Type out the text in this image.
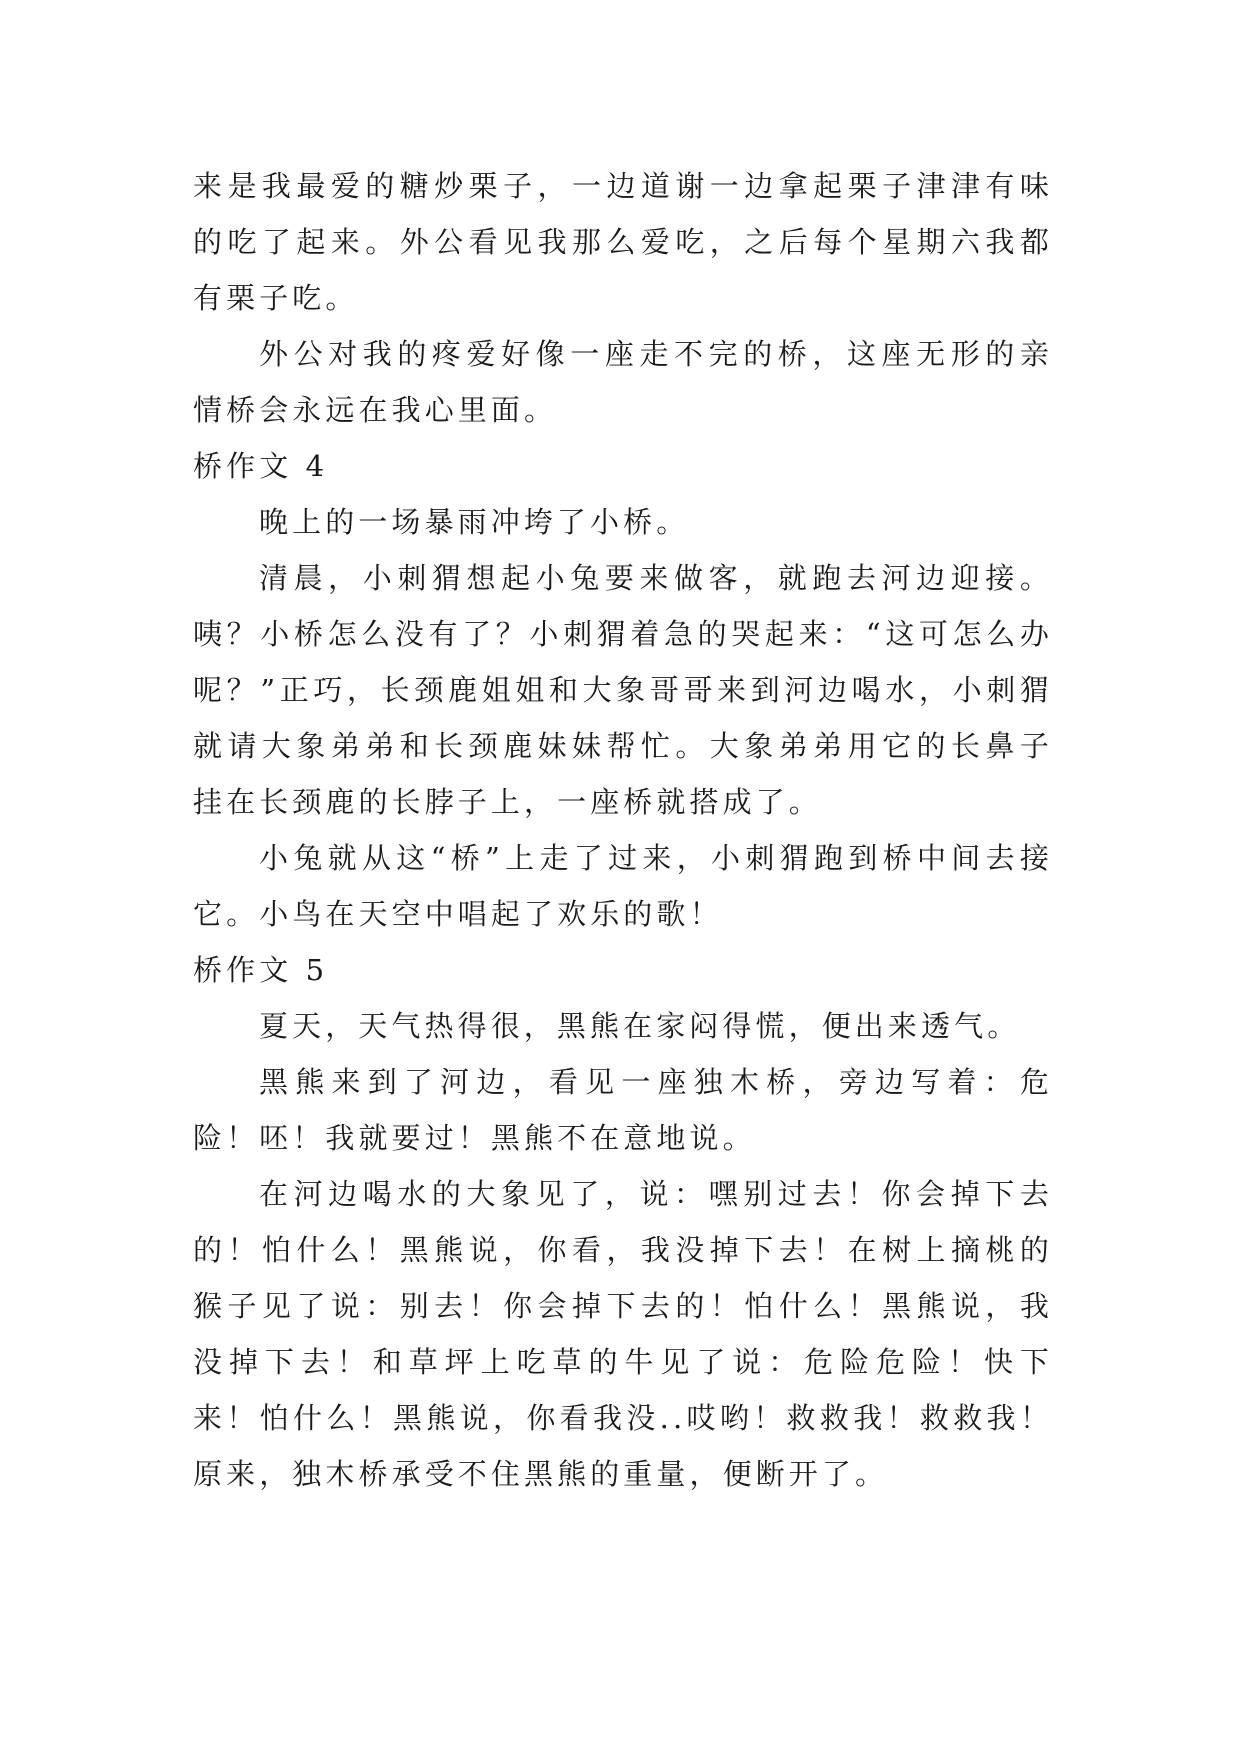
来是我最爱的糖炒栗子，一边道谢一边拿起栗子津津有味的吃了起来。外公看见我那么爱吃，之后每个星期六我都有栗子吃。

外公对我的疼爱好像一座走不完的桥，这座无形的亲情桥会永远在我心里面。

桥作文 4

晚上的一场暴雨冲垮了小桥。

清晨，小刺猬想起小兔要来做客，就跑去河边迎接。咦？小桥怎么没有了？小刺猬着急的哭起来：“这可怎么办呢？”正巧，长颈鹿姐姐和大象哥哥来到河边喝水，小刺猬就请大象弟弟和长颈鹿妹妹帮忙。大象弟弟用它的长鼻子挂在长颈鹿的长脖子上，一座桥就搭成了。

小兔就从这“桥”上走了过来，小刺猬跑到桥中间去接它。小鸟在天空中唱起了欢乐的歌！

桥作文 5

夏天，天气热得很，黑熊在家闷得慌，便出来透气。

黑熊来到了河边，看见一座独木桥，旁边写着：危险！呸！我就要过！黑熊不在意地说。

在河边喝水的大象见了，说：嘿别过去！你会掉下去的！怕什么！黑熊说，你看，我没掉下去！在树上摘桃的猴子见了说：别去！你会掉下去的！怕什么！黑熊说，我没掉下去！和草坪上吃草的牛见了说：危险危险！快下来！怕什么！黑熊说，你看我没..哎哟！救救我！救救我！原来，独木桥承受不住黑熊的重量，便断开了。
